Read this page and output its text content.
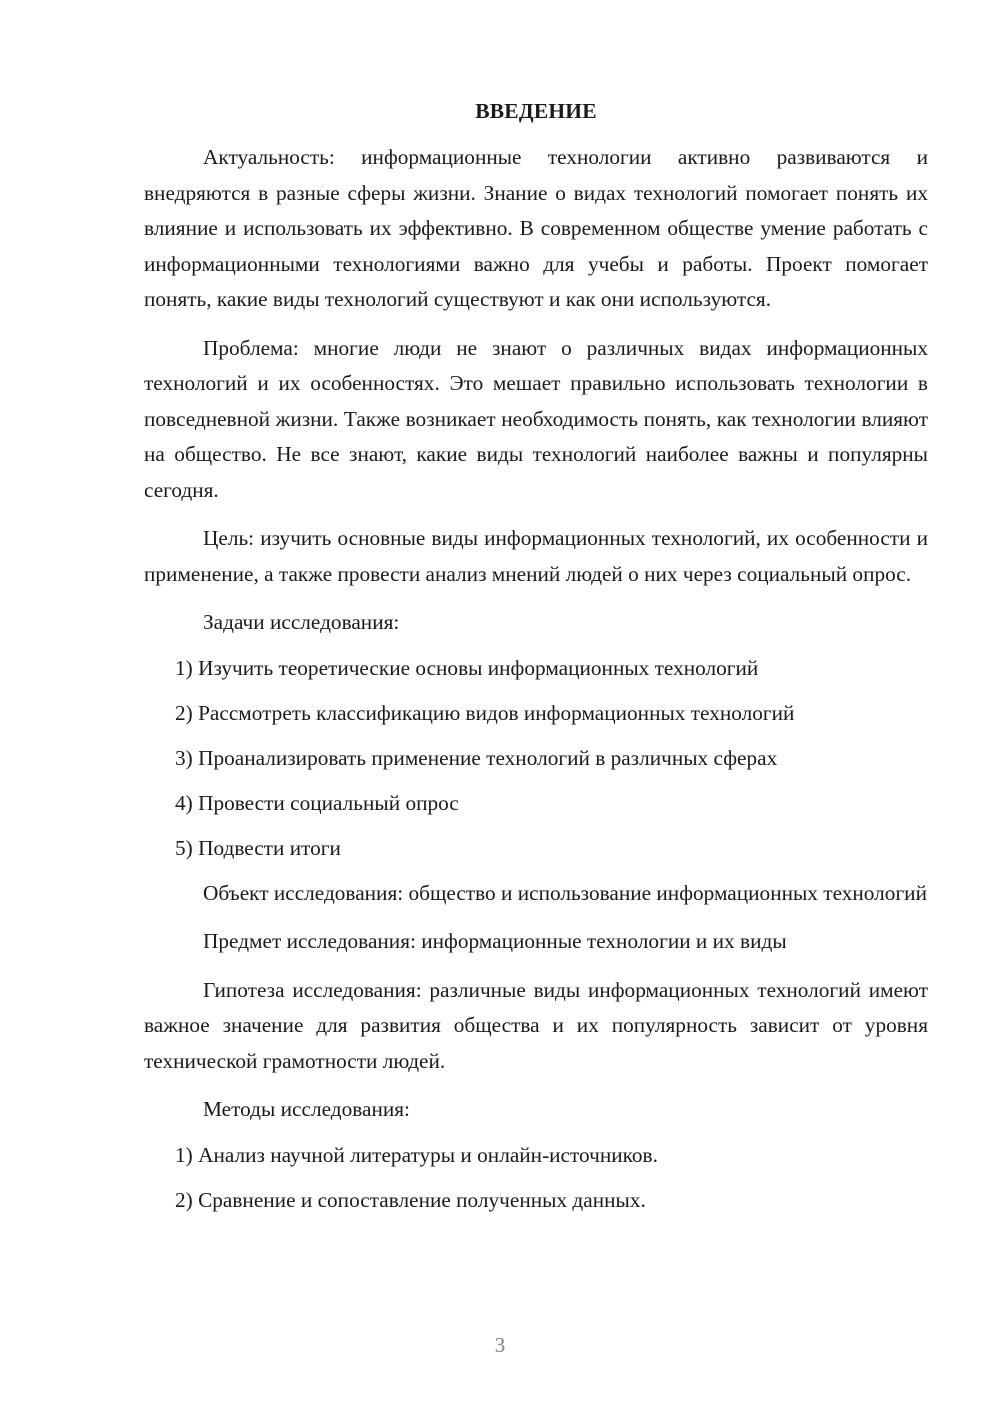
ВВЕДЕНИЕ

Актуальность: информационные технологии активно развиваются и внедряются в разные сферы жизни. Знание о видах технологий помогает понять их влияние и использовать их эффективно. В современном обществе умение работать с информационными технологиями важно для учебы и работы. Проект помогает понять, какие виды технологий существуют и как они используются.

Проблема: многие люди не знают о различных видах информационных технологий и их особенностях. Это мешает правильно использовать технологии в повседневной жизни. Также возникает необходимость понять, как технологии влияют на общество. Не все знают, какие виды технологий наиболее важны и популярны сегодня.

Цель: изучить основные виды информационных технологий, их особенности и применение, а также провести анализ мнений людей о них через социальный опрос.

Задачи исследования:

1) Изучить теоретические основы информационных технологий
2) Рассмотреть классификацию видов информационных технологий
3) Проанализировать применение технологий в различных сферах
4) Провести социальный опрос
5) Подвести итоги

Объект исследования: общество и использование информационных технологий

Предмет исследования: информационные технологии и их виды

Гипотеза исследования: различные виды информационных технологий имеют важное значение для развития общества и их популярность зависит от уровня технической грамотности людей.

Методы исследования:

1) Анализ научной литературы и онлайн-источников.
2) Сравнение и сопоставление полученных данных.
3
